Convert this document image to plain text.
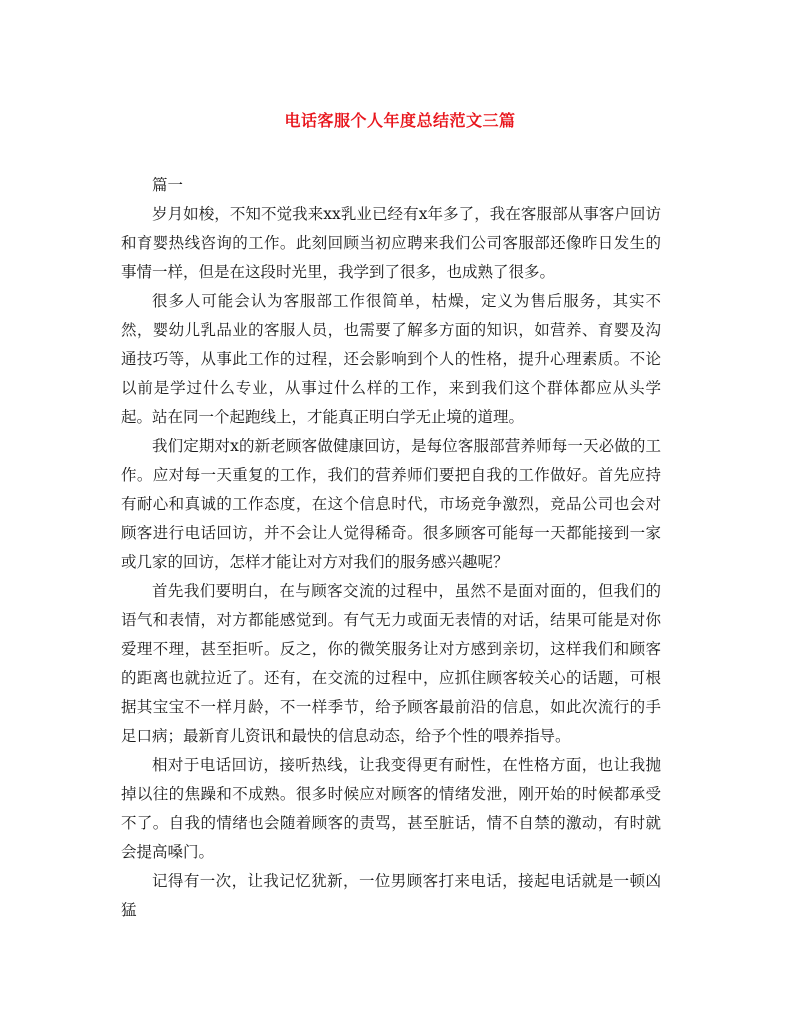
电话客服个人年度总结范文三篇

篇一

岁月如梭，不知不觉我来xx乳业已经有x年多了，我在客服部从事客户回访和育婴热线咨询的工作。此刻回顾当初应聘来我们公司客服部还像昨日发生的事情一样，但是在这段时光里，我学到了很多，也成熟了很多。

很多人可能会认为客服部工作很简单，枯燥，定义为售后服务，其实不然，婴幼儿乳品业的客服人员，也需要了解多方面的知识，如营养、育婴及沟通技巧等，从事此工作的过程，还会影响到个人的性格，提升心理素质。不论以前是学过什么专业，从事过什么样的工作，来到我们这个群体都应从头学起。站在同一个起跑线上，才能真正明白学无止境的道理。

我们定期对x的新老顾客做健康回访，是每位客服部营养师每一天必做的工作。应对每一天重复的工作，我们的营养师们要把自我的工作做好。首先应持有耐心和真诚的工作态度，在这个信息时代，市场竞争激烈，竞品公司也会对顾客进行电话回访，并不会让人觉得稀奇。很多顾客可能每一天都能接到一家或几家的回访，怎样才能让对方对我们的服务感兴趣呢？

首先我们要明白，在与顾客交流的过程中，虽然不是面对面的，但我们的语气和表情，对方都能感觉到。有气无力或面无表情的对话，结果可能是对你爱理不理，甚至拒听。反之，你的微笑服务让对方感到亲切，这样我们和顾客的距离也就拉近了。还有，在交流的过程中，应抓住顾客较关心的话题，可根据其宝宝不一样月龄，不一样季节，给予顾客最前沿的信息，如此次流行的手足口病；最新育儿资讯和最快的信息动态，给予个性的喂养指导。

相对于电话回访，接听热线，让我变得更有耐性，在性格方面，也让我抛掉以往的焦躁和不成熟。很多时候应对顾客的情绪发泄，刚开始的时候都承受不了。自我的情绪也会随着顾客的责骂，甚至脏话，情不自禁的激动，有时就会提高嗓门。

记得有一次，让我记忆犹新，一位男顾客打来电话，接起电话就是一顿凶猛
